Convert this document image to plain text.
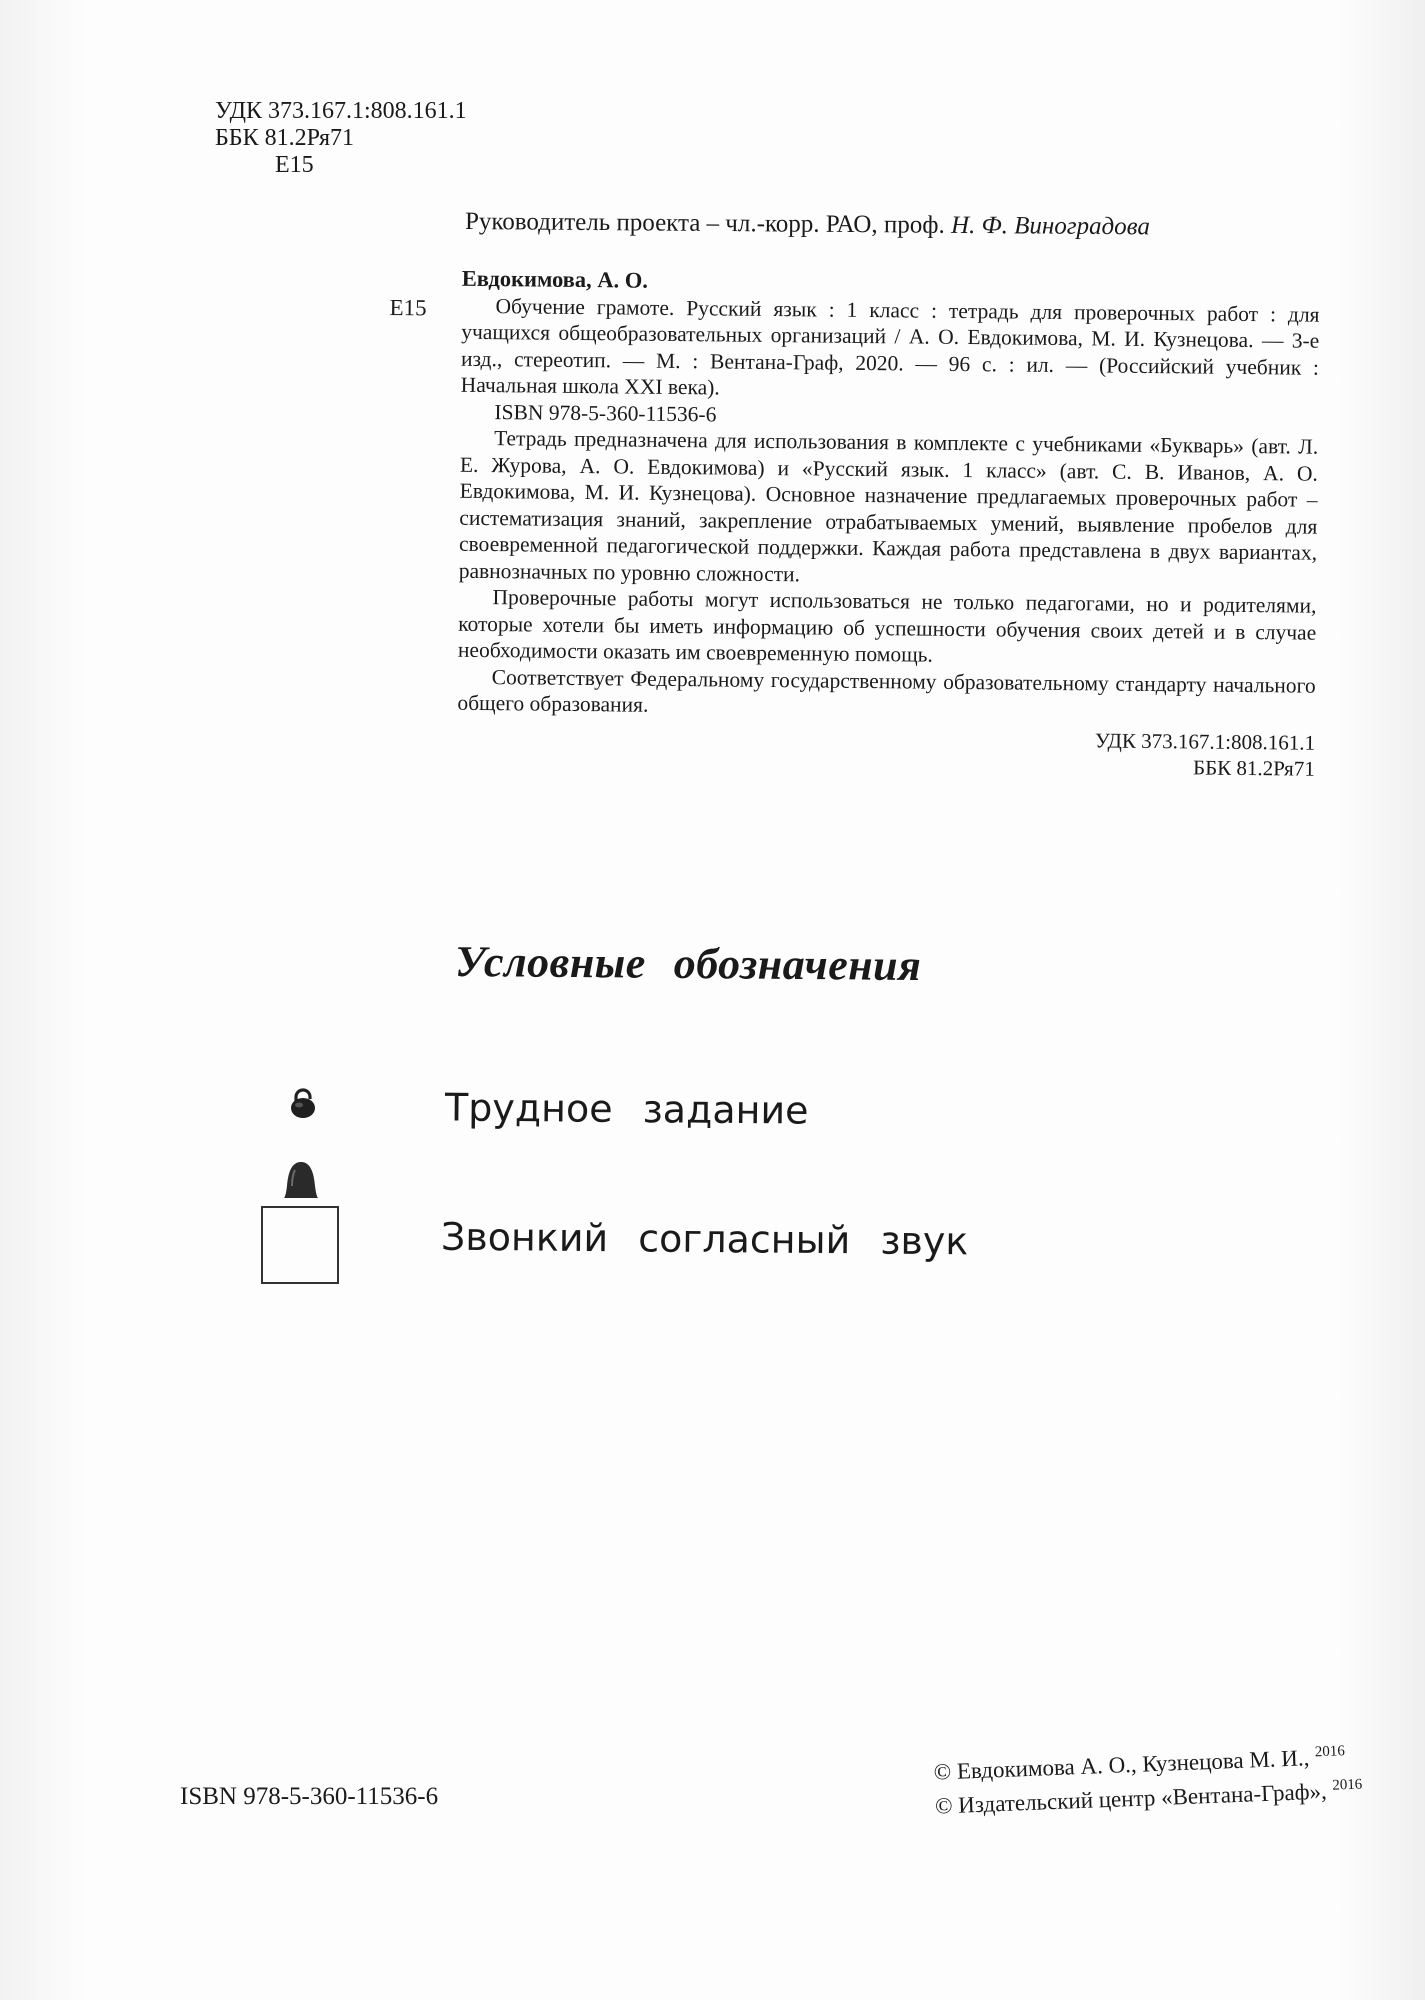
УДК 373.167.1:808.161.1
ББК 81.2Ря71
Е15
Руководитель проекта – чл.-корр. РАО, проф. Н. Ф. Виноградова
Е15
Евдокимова, А. О.

Обучение грамоте. Русский язык : 1 класс : тетрадь для проверочных работ : для учащихся общеобразовательных организаций / А. О. Евдокимова, М. И. Кузнецова. — 3-е изд., стереотип. — М. : Вентана-Граф, 2020. — 96 с. : ил. — (Российский учебник : Начальная школа XXI века).

ISBN 978-5-360-11536-6

Тетрадь предназначена для использования в комплекте с учебниками «Букварь» (авт. Л. Е. Журова, А. О. Евдокимова) и «Русский язык. 1 класс» (авт. С. В. Иванов, А. О. Евдокимова, М. И. Кузнецова). Основное назначение предлагаемых проверочных работ – систематизация знаний, закрепление отрабатываемых умений, выявление пробелов для своевременной педагогической поддержки. Каждая работа представлена в двух вариантах, равнозначных по уровню сложности.

Проверочные работы могут использоваться не только педагогами, но и родителями, которые хотели бы иметь информацию об успешности обучения своих детей и в случае необходимости оказать им своевременную помощь.

Соответствует Федеральному государственному образовательному стандарту начального общего образования.

УДК 373.167.1:808.161.1
ББК 81.2Ря71
Условные обозначения
Трудное задание
Звонкий согласный звук
ISBN 978-5-360-11536-6
© Евдокимова А. О., Кузнецова М. И., $^{2016}$
© Издательский центр «Вентана-Граф», $^{2016}$
